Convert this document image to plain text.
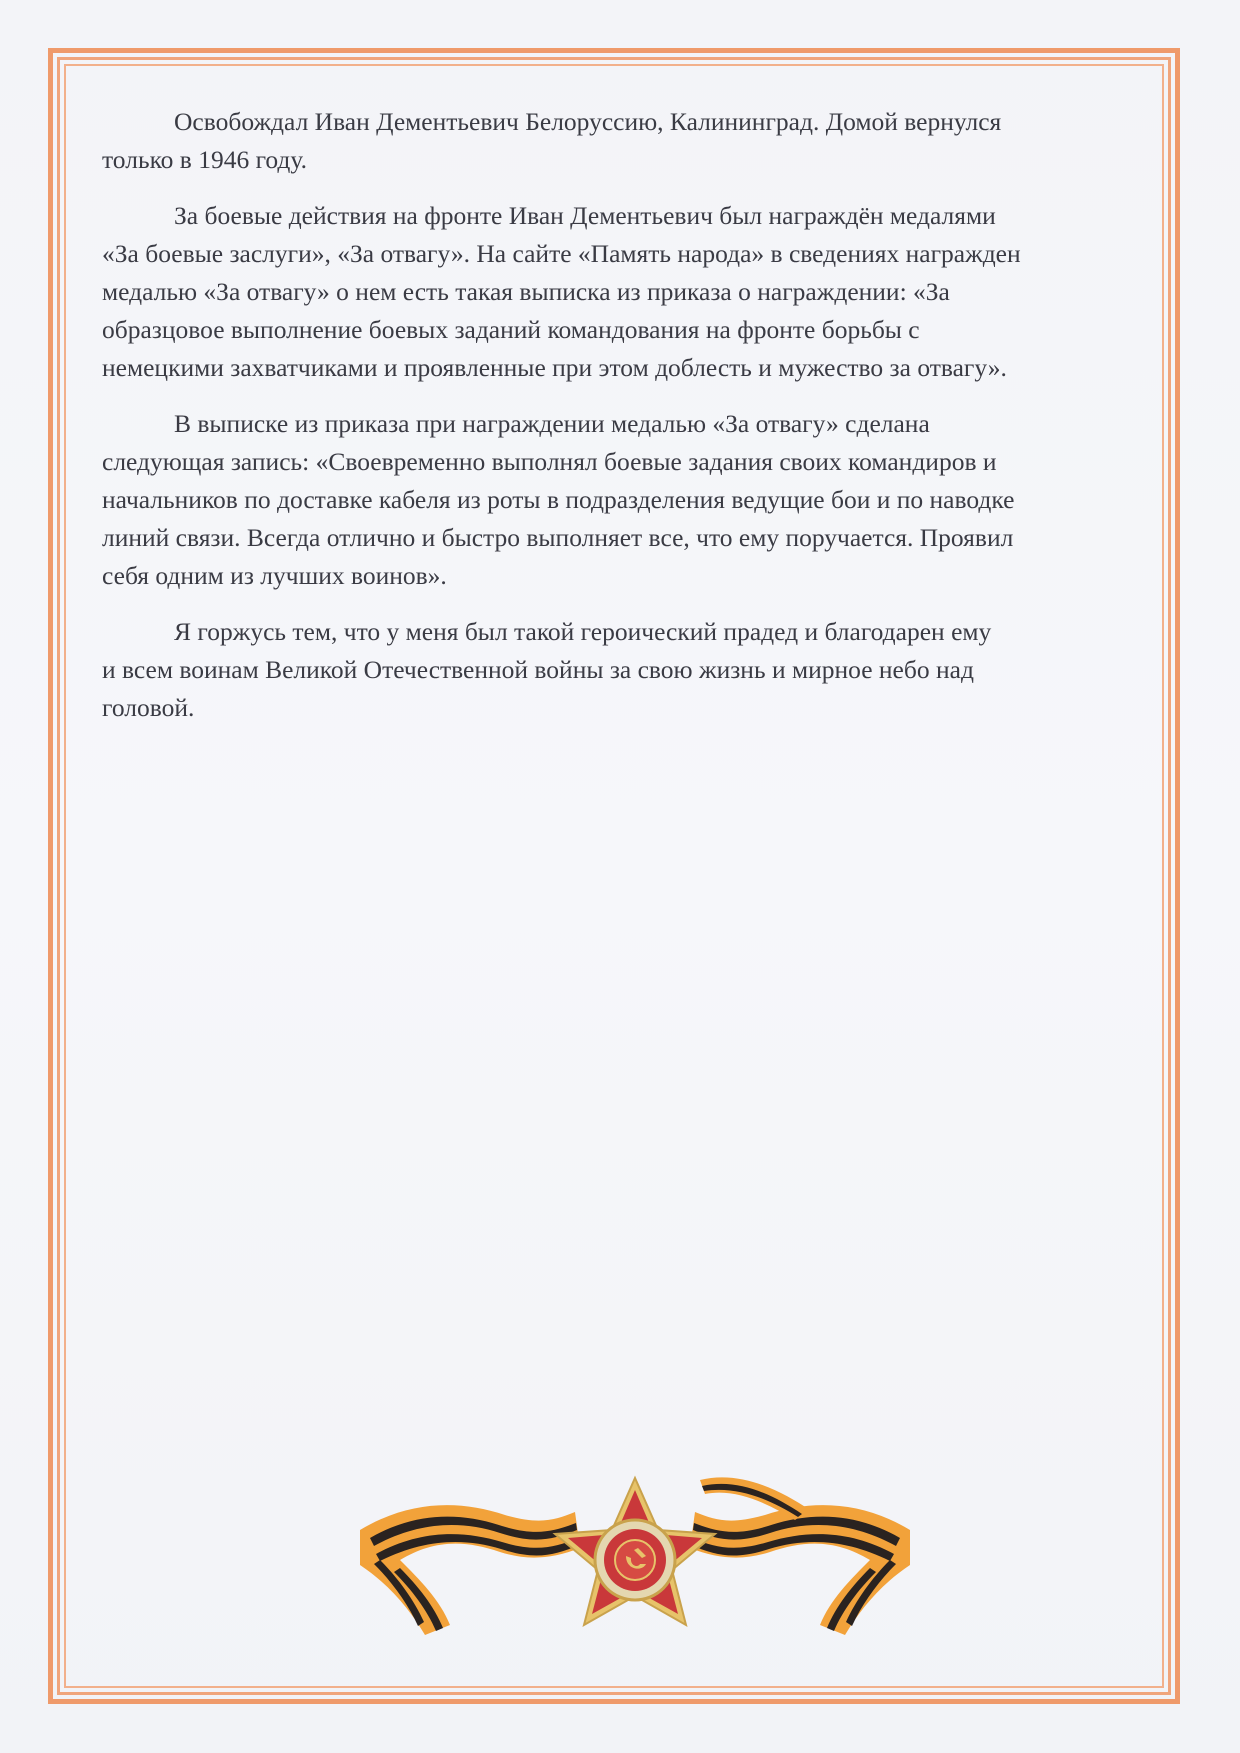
Освобождал Иван Дементьевич Белоруссию, Калининград. Домой вернулся
только в 1946 году.

За боевые действия на фронте Иван Дементьевич был награждён медалями
«За боевые заслуги», «За отвагу». На сайте «Память народа» в сведениях награжден
медалью «За отвагу» о нем есть такая выписка из приказа о награждении: «За
образцовое выполнение боевых заданий командования на фронте борьбы с
немецкими захватчиками и проявленные при этом доблесть и мужество за отвагу».

В выписке из приказа при награждении медалью «За отвагу» сделана
следующая запись: «Своевременно выполнял боевые задания своих командиров и
начальников по доставке кабеля из роты в подразделения ведущие бои и по наводке
линий связи. Всегда отлично и быстро выполняет все, что ему поручается. Проявил
себя одним из лучших воинов».

Я горжусь тем, что у меня был такой героический прадед и благодарен ему
и всем воинам Великой Отечественной войны за свою жизнь и мирное небо над
головой.
